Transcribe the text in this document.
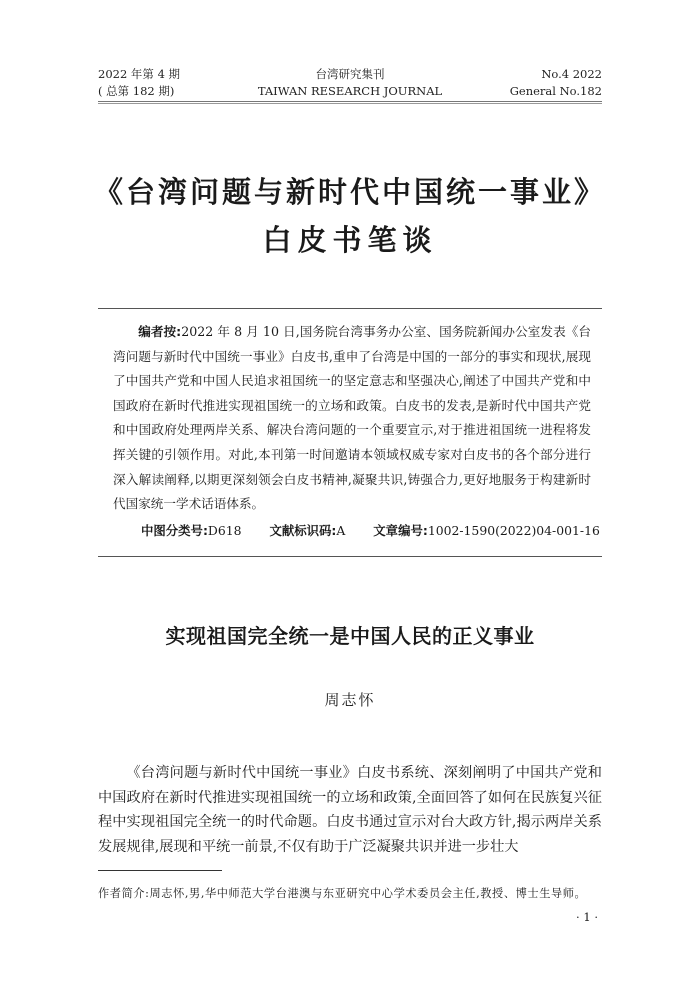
2022 年第 4 期
( 总第 182 期)
台湾研究集刊
TAIWAN RESEARCH JOURNAL
No.4 2022
General No.182
《台湾问题与新时代中国统一事业》
白皮书笔谈

编者按:2022 年 8 月 10 日,国务院台湾事务办公室、国务院新闻办公室发表《台湾问题与新时代中国统一事业》白皮书,重申了台湾是中国的一部分的事实和现状,展现了中国共产党和中国人民追求祖国统一的坚定意志和坚强决心,阐述了中国共产党和中国政府在新时代推进实现祖国统一的立场和政策。白皮书的发表,是新时代中国共产党和中国政府处理两岸关系、解决台湾问题的一个重要宣示,对于推进祖国统一进程将发挥关键的引领作用。对此,本刊第一时间邀请本领域权威专家对白皮书的各个部分进行深入解读阐释,以期更深刻领会白皮书精神,凝聚共识,铸强合力,更好地服务于构建新时代国家统一学术话语体系。

中图分类号:D618 文献标识码:A 文章编号:1002-1590(2022)04-001-16
实现祖国完全统一是中国人民的正义事业
周志怀

《台湾问题与新时代中国统一事业》白皮书系统、深刻阐明了中国共产党和中国政府在新时代推进实现祖国统一的立场和政策,全面回答了如何在民族复兴征程中实现祖国完全统一的时代命题。白皮书通过宣示对台大政方针,揭示两岸关系发展规律,展现和平统一前景,不仅有助于广泛凝聚共识并进一步壮大

作者简介:周志怀,男,华中师范大学台港澳与东亚研究中心学术委员会主任,教授、博士生导师。
· 1 ·
